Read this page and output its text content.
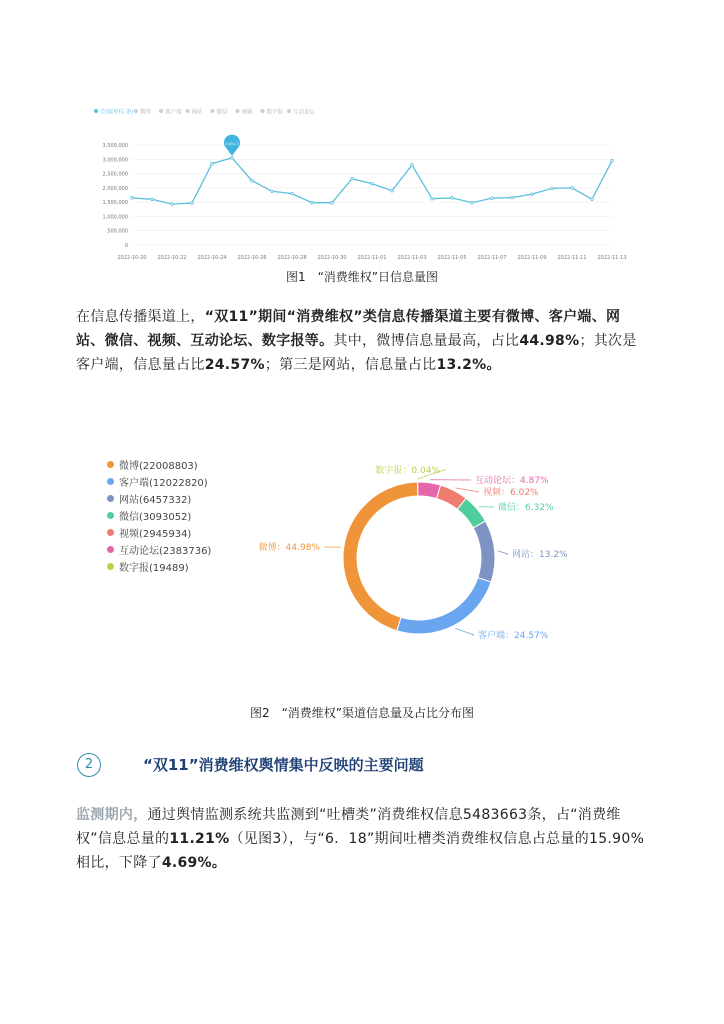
全部(单位:条) 微博	客户端 网站	微信	视频	数字报 互动论坛
3,500,000
3,000,000
2,500,000
2,000,000
1,500,000
1,000,000
500,000
0
2022-10-20 2022-10-22 2022-10-24 2022-10-26 2022-10-28 2022-10-30 2022-11-01 2022-11-03 2022-11-05 2022-11-07 2022-11-09 2022-11-11 2022-11-13
3,051,7
图1　“消费维权”日信息量图
在信息传播渠道上，“双11”期间“消费维权”类信息传播渠道主要有微博、客户端、网站、微信、视频、互动论坛、数字报等。其中，微博信息量最高，占比44.98%；其次是客户端，信息量占比24.57%；第三是网站，信息量占比13.2%。
微博(22008803)
客户端(12022820)
网站(6457332)
微信(3093052)
视频(2945934)
互动论坛(2383736)
数字报(19489)
微博：44.98%
客户端：24.57%
网站：13.2%
微信：6.32%
视频：6.02%
互动论坛：4.87%
数字报：0.04%
图2　“消费维权”渠道信息量及占比分布图
2	“双11”消费维权舆情集中反映的主要问题
监测期内，通过舆情监测系统共监测到“吐槽类”消费维权信息5483663条，占“消费维权”信息总量的11.21%（见图3），与“6．18”期间吐槽类消费维权信息占总量的15.90%相比，下降了4.69%。
